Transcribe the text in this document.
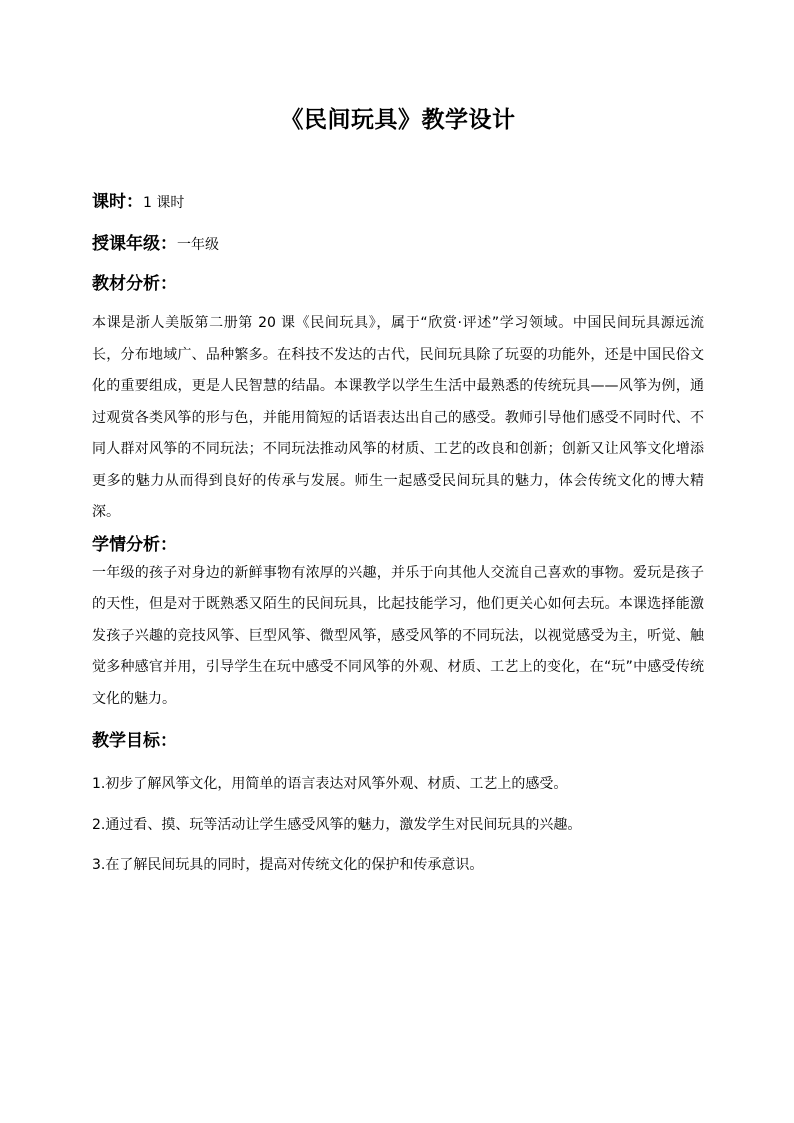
《民间玩具》教学设计
课时：1 课时
授课年级：一年级
教材分析：

本课是浙人美版第二册第 20 课《民间玩具》，属于“欣赏·评述”学习领域。中国民间玩具源远流长，分布地域广、品种繁多。在科技不发达的古代，民间玩具除了玩耍的功能外，还是中国民俗文化的重要组成，更是人民智慧的结晶。本课教学以学生生活中最熟悉的传统玩具——风筝为例，通过观赏各类风筝的形与色，并能用简短的话语表达出自己的感受。教师引导他们感受不同时代、不同人群对风筝的不同玩法；不同玩法推动风筝的材质、工艺的改良和创新；创新又让风筝文化增添更多的魅力从而得到良好的传承与发展。师生一起感受民间玩具的魅力，体会传统文化的博大精深。

学情分析：

一年级的孩子对身边的新鲜事物有浓厚的兴趣，并乐于向其他人交流自己喜欢的事物。爱玩是孩子的天性，但是对于既熟悉又陌生的民间玩具，比起技能学习，他们更关心如何去玩。本课选择能激发孩子兴趣的竞技风筝、巨型风筝、微型风筝，感受风筝的不同玩法，以视觉感受为主，听觉、触觉多种感官并用，引导学生在玩中感受不同风筝的外观、材质、工艺上的变化，在“玩”中感受传统文化的魅力。

教学目标：

1.初步了解风筝文化，用简单的语言表达对风筝外观、材质、工艺上的感受。

2.通过看、摸、玩等活动让学生感受风筝的魅力，激发学生对民间玩具的兴趣。

3.在了解民间玩具的同时，提高对传统文化的保护和传承意识。
